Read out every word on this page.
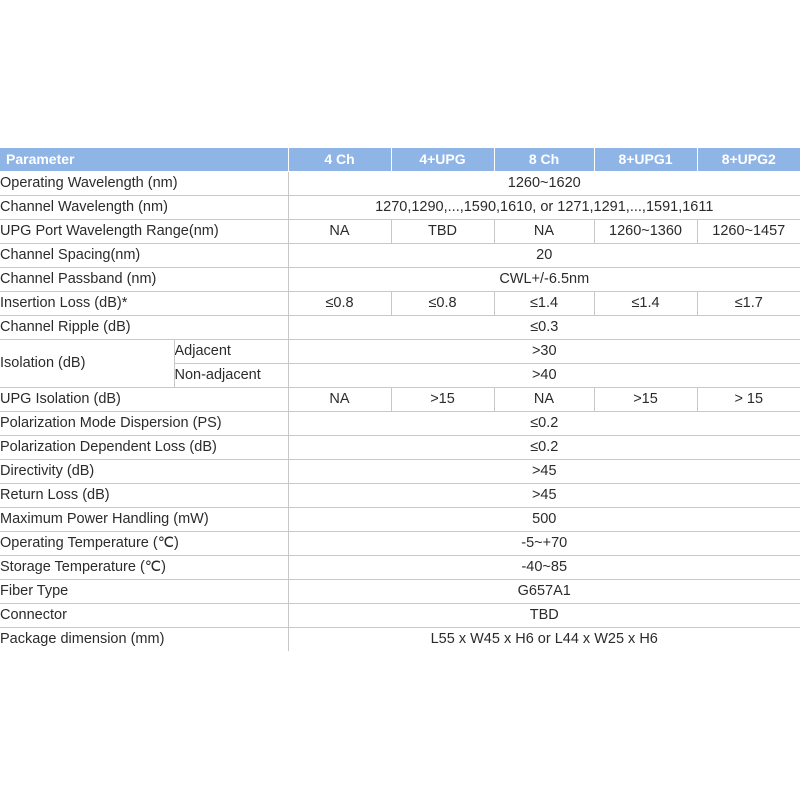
Parameter		4 Ch	4+UPG	8 Ch	8+UPG1	8+UPG2
Operating Wavelength (nm)		1260~1620				
Channel Wavelength (nm)		1270,1290,...,1590,1610, or 1271,1291,...,1591,1611				
UPG Port Wavelength Range(nm)		NA	TBD	NA	1260~1360	1260~1457
Channel Spacing(nm)		20				
Channel Passband (nm)		CWL+/-6.5nm				
Insertion Loss (dB)*		≤0.8	≤0.8	≤1.4	≤1.4	≤1.7
Channel Ripple (dB)		≤0.3				
Isolation (dB)	Adjacent	>30				
	Non-adjacent	>40				
UPG Isolation (dB)		NA	>15	NA	>15	> 15
Polarization Mode Dispersion (PS)		≤0.2				
Polarization Dependent Loss (dB)		≤0.2				
Directivity (dB)		>45				
Return Loss (dB)		>45				
Maximum Power Handling (mW)		500				
Operating Temperature (℃)		-5~+70				
Storage Temperature (℃)		-40~85				
Fiber Type		G657A1				
Connector		TBD				
Package dimension (mm)		L55 x W45 x H6 or L44 x W25 x H6				
